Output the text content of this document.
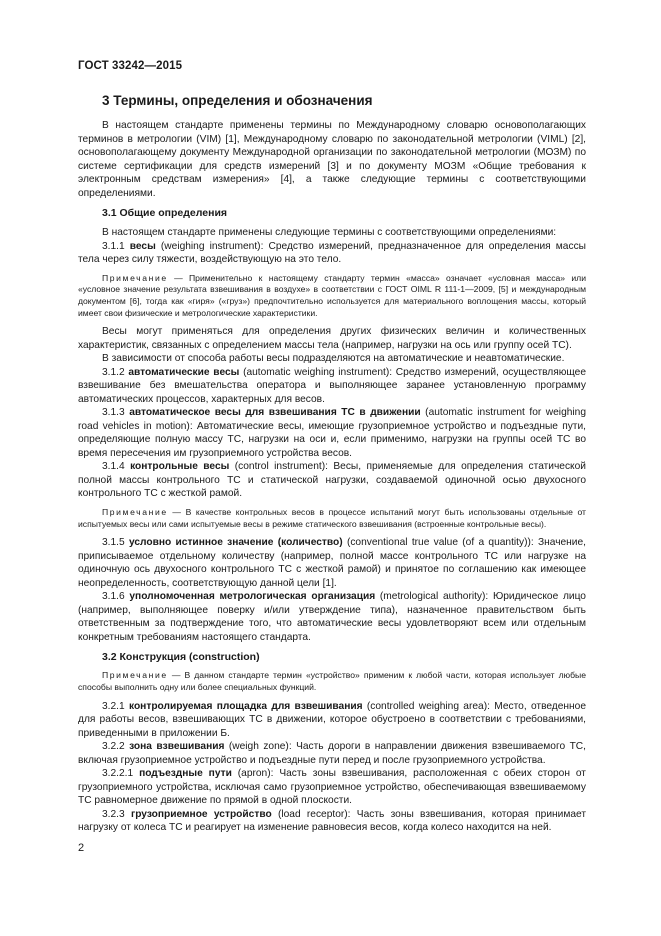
ГОСТ 33242—2015
3 Термины, определения и обозначения

В настоящем стандарте применены термины по Международному словарю основополагающих терминов в метрологии (VIM) [1], Международному словарю по законодательной метрологии (VIML) [2], основополагающему документу Международной организации по законодательной метрологии (МОЗМ) по системе сертификации для средств измерений [3] и по документу МОЗМ «Общие требования к электронным средствам измерения» [4], а также следующие термины с соответствующими определениями.

3.1 Общие определения

В настоящем стандарте применены следующие термины с соответствующими определениями:

3.1.1 весы (weighing instrument): Средство измерений, предназначенное для определения массы тела через силу тяжести, воздействующую на это тело.

Примечание — Применительно к настоящему стандарту термин «масса» означает «условная масса» или «условное значение результата взвешивания в воздухе» в соответствии с ГОСТ OIML R 111-1—2009, [5] и международным документом [6], тогда как «гиря» («груз») предпочтительно используется для материального воплощения массы, который имеет свои физические и метрологические характеристики.

Весы могут применяться для определения других физических величин и количественных характеристик, связанных с определением массы тела (например, нагрузки на ось или группу осей ТС).

В зависимости от способа работы весы подразделяются на автоматические и неавтоматические.

3.1.2 автоматические весы (automatic weighing instrument): Средство измерений, осуществляющее взвешивание без вмешательства оператора и выполняющее заранее установленную программу автоматических процессов, характерных для весов.

3.1.3 автоматическое весы для взвешивания ТС в движении (automatic instrument for weighing road vehicles in motion): Автоматические весы, имеющие грузоприемное устройство и подъездные пути, определяющие полную массу ТС, нагрузки на оси и, если применимо, нагрузки на группы осей ТС во время пересечения им грузоприемного устройства весов.

3.1.4 контрольные весы (control instrument): Весы, применяемые для определения статической полной массы контрольного ТС и статической нагрузки, создаваемой одиночной осью двухосного контрольного ТС с жесткой рамой.

Примечание — В качестве контрольных весов в процессе испытаний могут быть использованы отдельные от испытуемых весы или сами испытуемые весы в режиме статического взвешивания (встроенные контрольные весы).

3.1.5 условно истинное значение (количество) (conventional true value (of a quantity)): Значение, приписываемое отдельному количеству (например, полной массе контрольного ТС или нагрузке на одиночную ось двухосного контрольного ТС с жесткой рамой) и принятое по соглашению как имеющее неопределенность, соответствующую данной цели [1].

3.1.6 уполномоченная метрологическая организация (metrological authority): Юридическое лицо (например, выполняющее поверку и/или утверждение типа), назначенное правительством быть ответственным за подтверждение того, что автоматические весы удовлетворяют всем или отдельным конкретным требованиям настоящего стандарта.

3.2 Конструкция (construction)

Примечание — В данном стандарте термин «устройство» применим к любой части, которая использует любые способы выполнить одну или более специальных функций.

3.2.1 контролируемая площадка для взвешивания (controlled weighing area): Место, отведенное для работы весов, взвешивающих ТС в движении, которое обустроено в соответствии с требованиями, приведенными в приложении Б.

3.2.2 зона взвешивания (weigh zone): Часть дороги в направлении движения взвешиваемого ТС, включая грузоприемное устройство и подъездные пути перед и после грузоприемного устройства.

3.2.2.1 подъездные пути (apron): Часть зоны взвешивания, расположенная с обеих сторон от грузоприемного устройства, исключая само грузоприемное устройство, обеспечивающая взвешиваемому ТС равномерное движение по прямой в одной плоскости.

3.2.3 грузоприемное устройство (load receptor): Часть зоны взвешивания, которая принимает нагрузку от колеса ТС и реагирует на изменение равновесия весов, когда колесо находится на ней.

2
